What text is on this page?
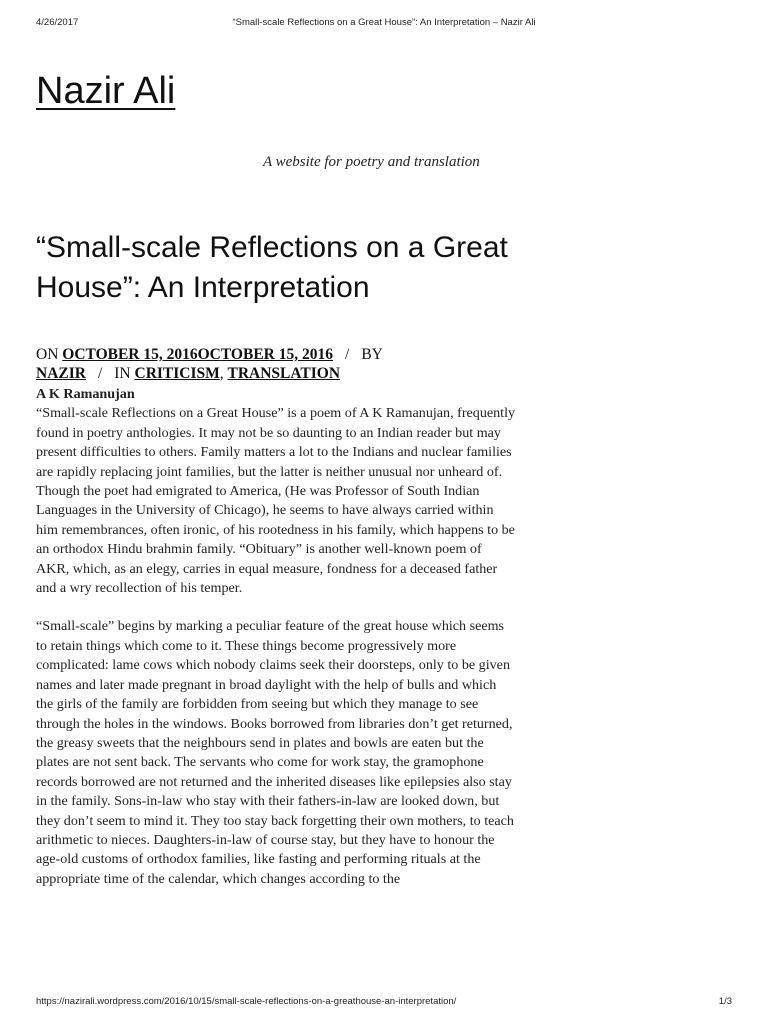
4/26/2017	“Small-scale Reflections on a Great House”: An Interpretation – Nazir Ali
Nazir Ali
A website for poetry and translation
“Small-scale Reflections on a Great House”: An Interpretation
ON OCTOBER 15, 2016OCTOBER 15, 2016 / BY NAZIR / IN CRITICISM, TRANSLATION

A K Ramanujan

“Small-scale Reflections on a Great House” is a poem of A K Ramanujan, frequently found in poetry anthologies. It may not be so daunting to an Indian reader but may present difficulties to others. Family matters a lot to the Indians and nuclear families are rapidly replacing joint families, but the latter is neither unusual nor unheard of. Though the poet had emigrated to America, (He was Professor of South Indian Languages in the University of Chicago), he seems to have always carried within him remembrances, often ironic, of his rootedness in his family, which happens to be an orthodox Hindu brahmin family. “Obituary” is another well-known poem of AKR, which, as an elegy, carries in equal measure, fondness for a deceased father and a wry recollection of his temper.

“Small-scale” begins by marking a peculiar feature of the great house which seems to retain things which come to it. These things become progressively more complicated: lame cows which nobody claims seek their doorsteps, only to be given names and later made pregnant in broad daylight with the help of bulls and which the girls of the family are forbidden from seeing but which they manage to see through the holes in the windows. Books borrowed from libraries don’t get returned, the greasy sweets that the neighbours send in plates and bowls are eaten but the plates are not sent back. The servants who come for work stay, the gramophone records borrowed are not returned and the inherited diseases like epilepsies also stay in the family. Sons-in-law who stay with their fathers-in-law are looked down, but they don’t seem to mind it. They too stay back forgetting their own mothers, to teach arithmetic to nieces. Daughters-in-law of course stay, but they have to honour the age-old customs of orthodox families, like fasting and performing rituals at the appropriate time of the calendar, which changes according to the

https://nazirali.wordpress.com/2016/10/15/small-scale-reflections-on-a-greathouse-an-interpretation/	1/3
